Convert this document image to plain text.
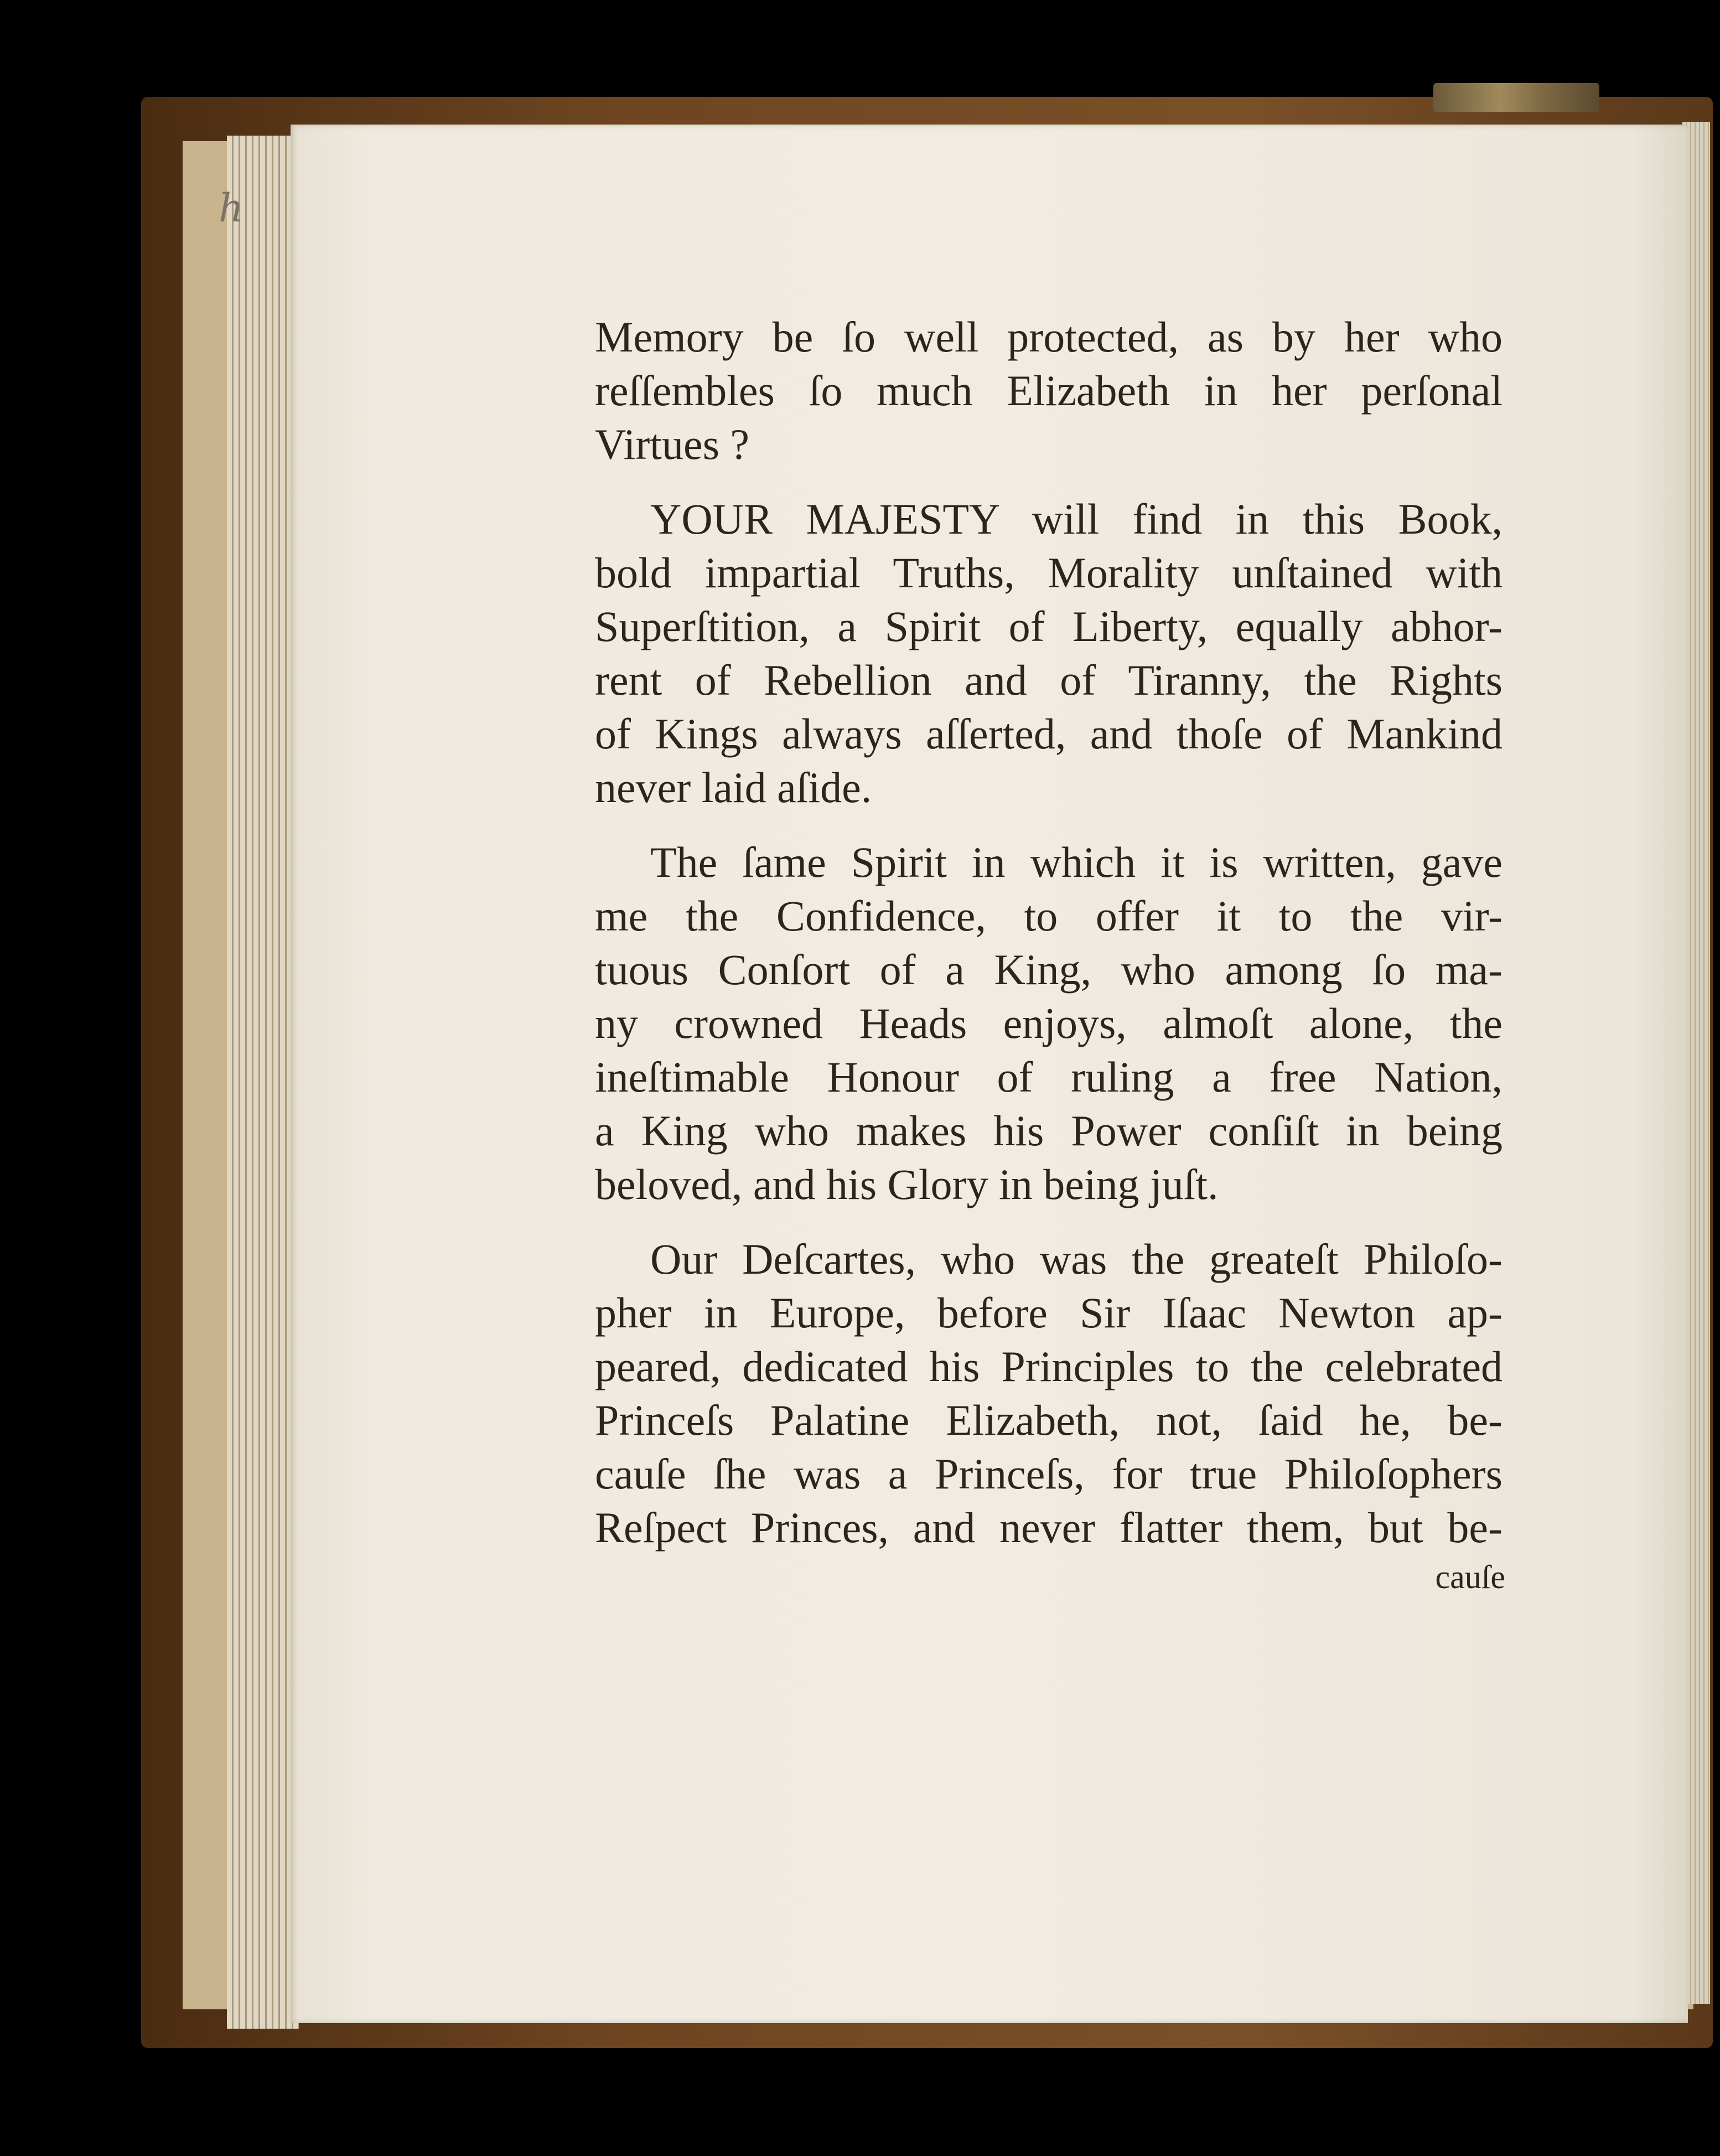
h

Memory be ſo well protected, as by her who
reſſembles ſo much Elizabeth in her perſonal
Virtues ?

YOUR MAJESTY will find in this Book,
bold impartial Truths, Morality unſtained with
Superſtition, a Spirit of Liberty, equally abhor-
rent of Rebellion and of Tiranny, the Rights
of Kings always aſſerted, and thoſe of Mankind
never laid aſide.

The ſame Spirit in which it is written, gave
me the Confidence, to offer it to the vir-
tuous Conſort of a King, who among ſo ma-
ny crowned Heads enjoys, almoſt alone, the
ineſtimable Honour of ruling a free Nation,
a King who makes his Power conſiſt in being
beloved, and his Glory in being juſt.

Our Deſcartes, who was the greateſt Philoſo-
pher in Europe, before Sir Iſaac Newton ap-
peared, dedicated his Principles to the celebrated
Princeſs Palatine Elizabeth, not, ſaid he, be-
cauſe ſhe was a Princeſs, for true Philoſophers
Reſpect Princes, and never flatter them, but be-

cauſe
